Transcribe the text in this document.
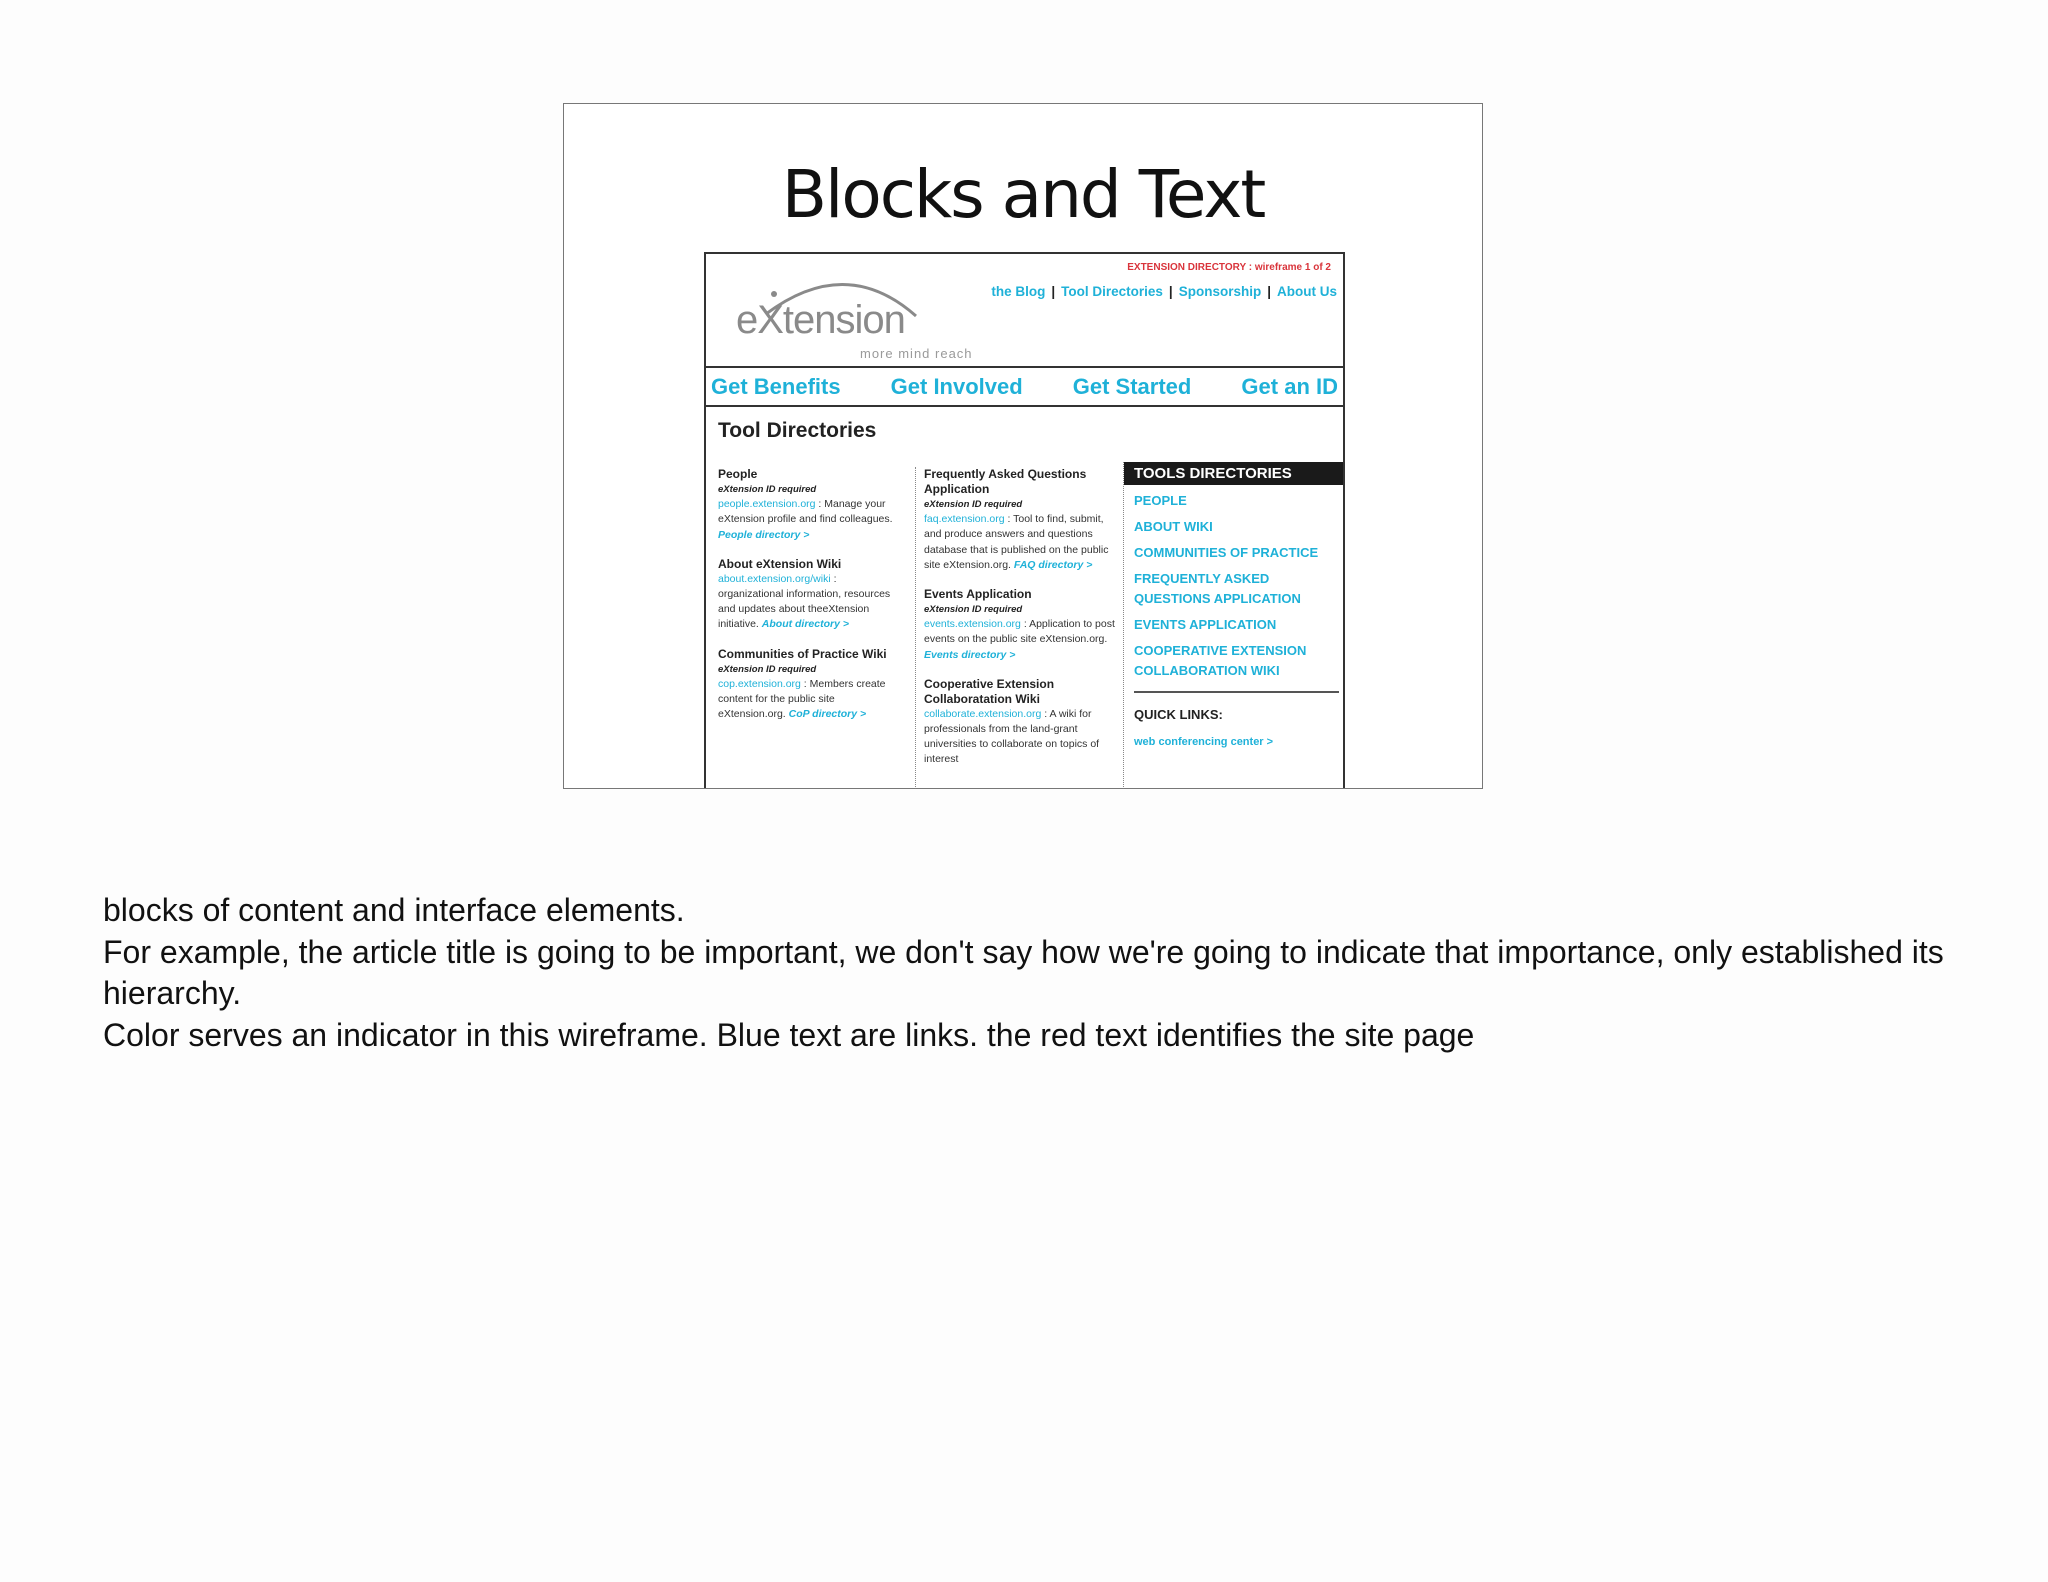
Blocks and Text
eXtension
more mind reach
EXTENSION DIRECTORY : wireframe 1 of 2
the Blog | Tool Directories | Sponsorship | About Us
Get Benefits Get Involved Get Started Get an ID
Tool Directories
People
eXtension ID required
people.extension.org : Manage your eXtension profile and find colleagues. People directory >
About eXtension Wiki
about.extension.org/wiki : organizational information, resources and updates about theeXtension initiative. About directory >
Communities of Practice Wiki
eXtension ID required
cop.extension.org : Members create content for the public site eXtension.org. CoP directory >
Frequently Asked Questions Application
eXtension ID required
faq.extension.org : Tool to find, submit, and produce answers and questions database that is published on the public site eXtension.org. FAQ directory >
Events Application
eXtension ID required
events.extension.org : Application to post events on the public site eXtension.org. Events directory >
Cooperative Extension Collaboratation Wiki
collaborate.extension.org : A wiki for professionals from the land-grant universities to collaborate on topics of interest
TOOLS DIRECTORIES
PEOPLE
ABOUT WIKI
COMMUNITIES OF PRACTICE
FREQUENTLY ASKED QUESTIONS APPLICATION
EVENTS APPLICATION
COOPERATIVE EXTENSION COLLABORATION WIKI
QUICK LINKS:
web conferencing center >

blocks of content and interface elements.

For example, the article title is going to be important, we don't say how we're going to indicate that importance, only established its hierarchy.

Color serves an indicator in this wireframe. Blue text are links. the red text identifies the site page
